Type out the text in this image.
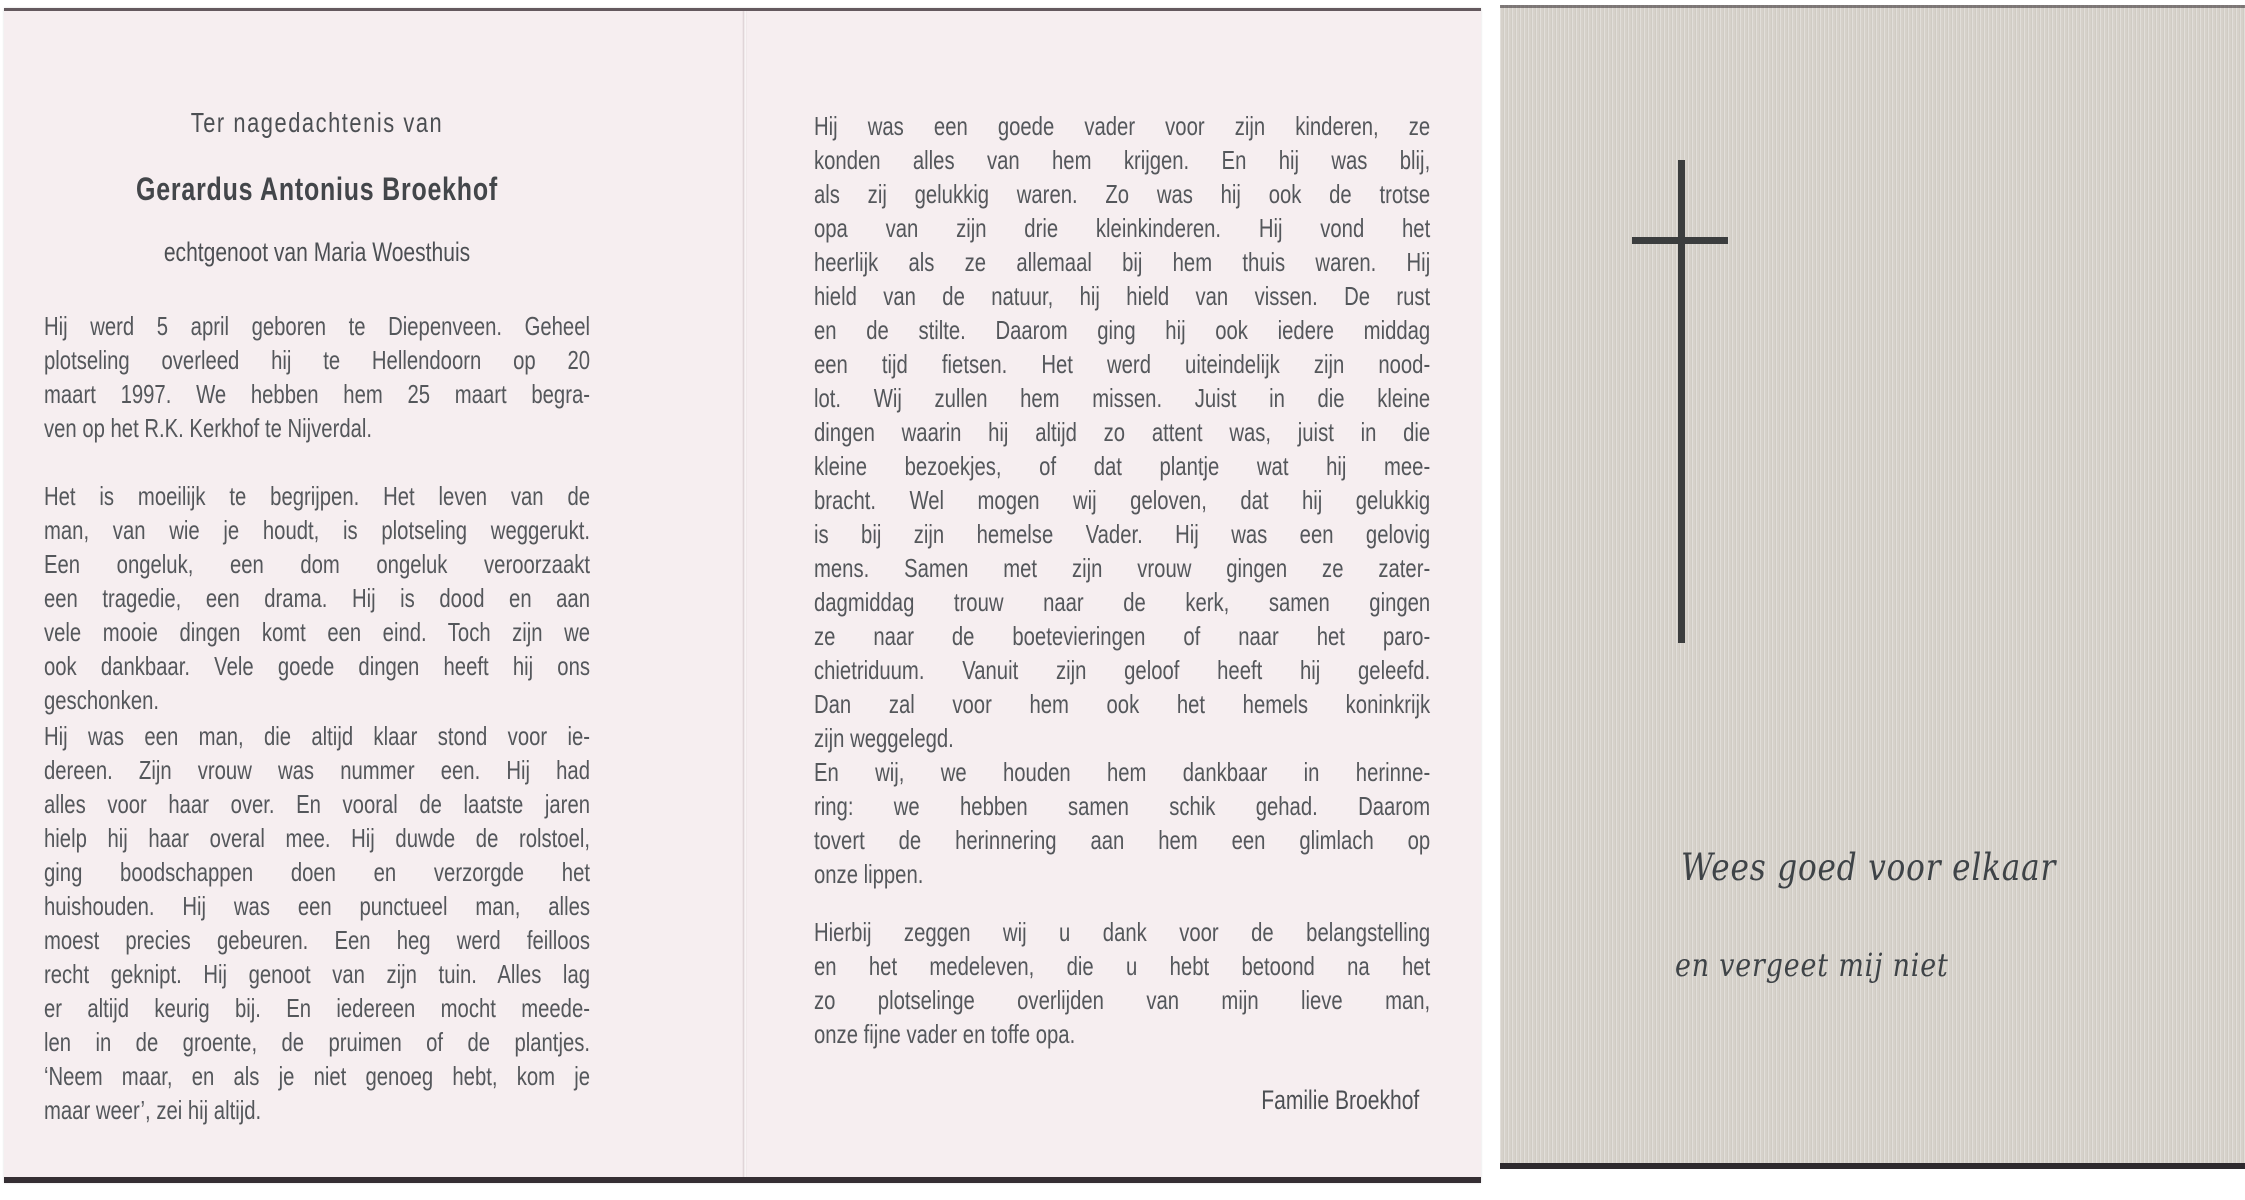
Ter nagedachtenis van
Gerardus Antonius Broekhof
echtgenoot van Maria Woesthuis
Hij werd 5 april geboren te Diepenveen. Geheel
plotseling overleed hij te Hellendoorn op 20
maart 1997. We hebben hem 25 maart begra-
ven op het R.K. Kerkhof te Nijverdal.
Het is moeilijk te begrijpen. Het leven van de
man, van wie je houdt, is plotseling weggerukt.
Een ongeluk, een dom ongeluk veroorzaakt
een tragedie, een drama. Hij is dood en aan
vele mooie dingen komt een eind. Toch zijn we
ook dankbaar. Vele goede dingen heeft hij ons
geschonken.
Hij was een man, die altijd klaar stond voor ie-
dereen. Zijn vrouw was nummer een. Hij had
alles voor haar over. En vooral de laatste jaren
hielp hij haar overal mee. Hij duwde de rolstoel,
ging boodschappen doen en verzorgde het
huishouden. Hij was een punctueel man, alles
moest precies gebeuren. Een heg werd feilloos
recht geknipt. Hij genoot van zijn tuin. Alles lag
er altijd keurig bij. En iedereen mocht meede-
len in de groente, de pruimen of de plantjes.
‘Neem maar, en als je niet genoeg hebt, kom je
maar weer’, zei hij altijd.
Hij was een goede vader voor zijn kinderen, ze
konden alles van hem krijgen. En hij was blij,
als zij gelukkig waren. Zo was hij ook de trotse
opa van zijn drie kleinkinderen. Hij vond het
heerlijk als ze allemaal bij hem thuis waren. Hij
hield van de natuur, hij hield van vissen. De rust
en de stilte. Daarom ging hij ook iedere middag
een tijd fietsen. Het werd uiteindelijk zijn nood-
lot. Wij zullen hem missen. Juist in die kleine
dingen waarin hij altijd zo attent was, juist in die
kleine bezoekjes, of dat plantje wat hij mee-
bracht. Wel mogen wij geloven, dat hij gelukkig
is bij zijn hemelse Vader. Hij was een gelovig
mens. Samen met zijn vrouw gingen ze zater-
dagmiddag trouw naar de kerk, samen gingen
ze naar de boetevieringen of naar het paro-
chietriduum. Vanuit zijn geloof heeft hij geleefd.
Dan zal voor hem ook het hemels koninkrijk
zijn weggelegd.
En wij, we houden hem dankbaar in herinne-
ring: we hebben samen schik gehad. Daarom
tovert de herinnering aan hem een glimlach op
onze lippen.
Hierbij zeggen wij u dank voor de belangstelling
en het medeleven, die u hebt betoond na het
zo plotselinge overlijden van mijn lieve man,
onze fijne vader en toffe opa.
Familie Broekhof
Wees goed voor elkaar
en vergeet mij niet
